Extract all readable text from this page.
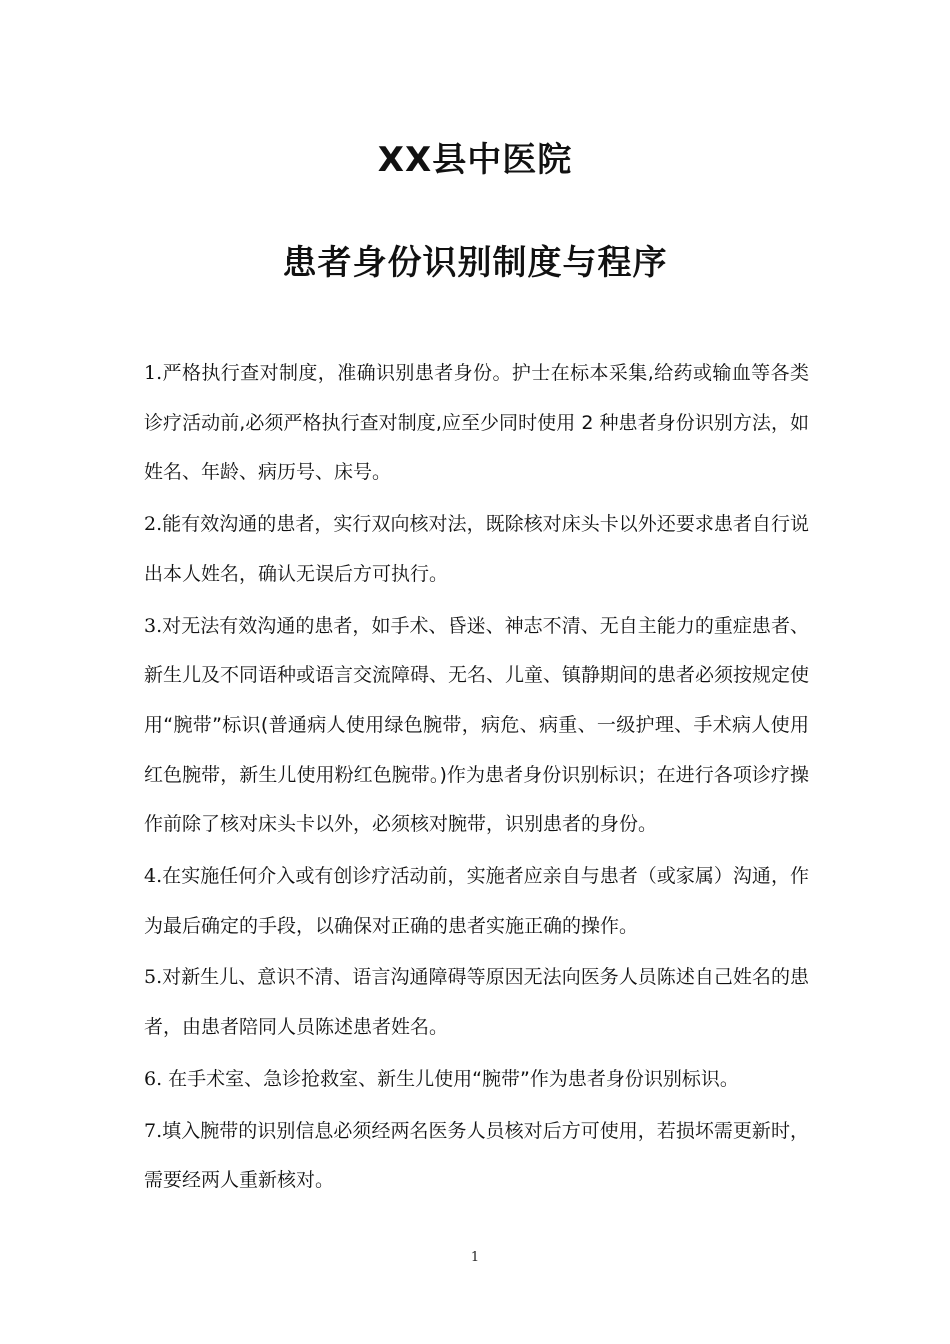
XX县中医院
患者身份识别制度与程序

1.严格执行查对制度，准确识别患者身份。护士在标本采集,给药或输血等各类诊疗活动前,必须严格执行查对制度,应至少同时使用 2 种患者身份识别方法，如姓名、年龄、病历号、床号。

2.能有效沟通的患者，实行双向核对法，既除核对床头卡以外还要求患者自行说出本人姓名，确认无误后方可执行。

3.对无法有效沟通的患者，如手术、昏迷、神志不清、无自主能力的重症患者、新生儿及不同语种或语言交流障碍、无名、儿童、镇静期间的患者必须按规定使用“腕带”标识(普通病人使用绿色腕带，病危、病重、一级护理、手术病人使用红色腕带，新生儿使用粉红色腕带。)作为患者身份识别标识；在进行各项诊疗操作前除了核对床头卡以外，必须核对腕带，识别患者的身份。

4.在实施任何介入或有创诊疗活动前，实施者应亲自与患者（或家属）沟通，作为最后确定的手段，以确保对正确的患者实施正确的操作。

5.对新生儿、意识不清、语言沟通障碍等原因无法向医务人员陈述自己姓名的患者，由患者陪同人员陈述患者姓名。

6. 在手术室、急诊抢救室、新生儿使用“腕带”作为患者身份识别标识。

7.填入腕带的识别信息必须经两名医务人员核对后方可使用，若损坏需更新时，需要经两人重新核对。

1
